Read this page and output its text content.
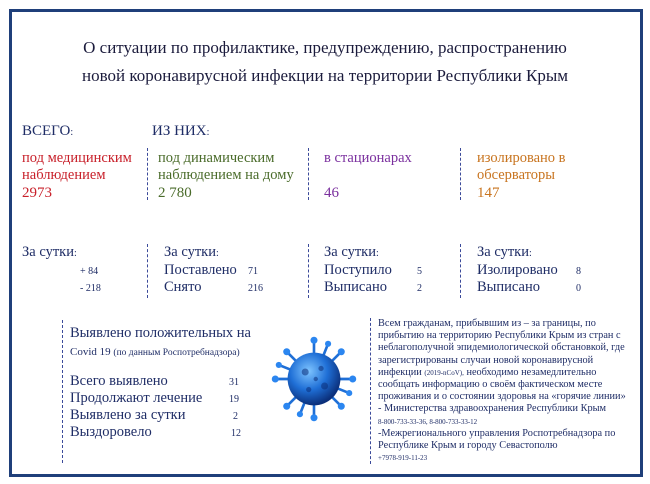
О ситуации по профилактике, предупреждению, распространению
новой коронавирусной инфекции на территории Республики Крым
ВСЕГО:	ИЗ НИХ:
под медицинским наблюдением
2973
под динамическим наблюдением на дому
2 780
в стационарах
46
изолировано в обсерваторы
147
За сутки:
+ 84
- 218
За сутки:
Поставлено 71
Снято	216
За сутки:
Поступило	5
Выписано	2
За сутки:
Изолировано 8
Выписано	0
Выявлено положительных на
Covid 19 (по данным Роспотребнадзора)
Всего выявлено	31
Продолжают лечение	19
Выявлено за сутки	2
Выздоровело	12
Всем гражданам, прибывшим из – за границы, по прибытию на территорию Республики Крым из стран с неблагополучной эпидемиологической обстановкой, где зарегистрированы случаи новой коронавирусной инфекции (2019-nCoV), необходимо незамедлительно сообщать информацию о своём фактическом месте проживания и о состоянии здоровья на «горячие линии» - Министерства здравоохранения Республики Крым
8-800-733-33-36, 8-800-733-33-12
-Межрегионального управления Роспотребнадзора по Республике Крым и городу Севастополю
+7978-919-11-23
